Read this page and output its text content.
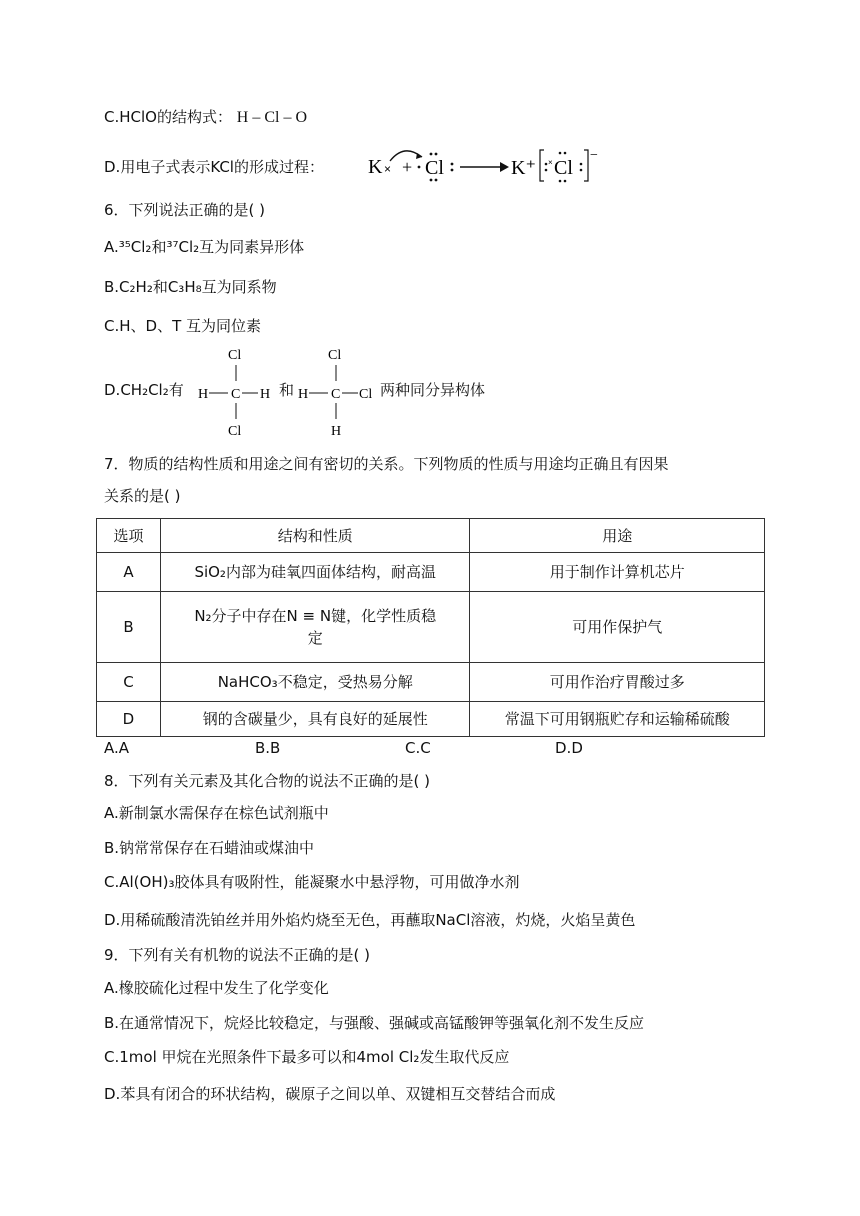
C.HClO的结构式： H – Cl – O
D.用电子式表示KCl的形成过程： K × + Cl	K⁺ × Cl
−
6．下列说法正确的是( )
A.³⁵Cl₂和³⁷Cl₂互为同素异形体
B.C₂H₂和C₃H₈互为同系物
C.H、D、T 互为同位素
D.CH₂Cl₂有	和	两种同分异构体
Cl
H C H
Cl
Cl
H C Cl
H
7．物质的结构性质和用途之间有密切的关系。下列物质的性质与用途均正确且有因果
关系的是( )
选项	结构和性质	用途
A	SiO₂内部为硅氧四面体结构，耐高温	用于制作计算机芯片
B	N₂分子中存在N ≡ N键，化学性质稳
定	可用作保护气
C	NaHCO₃不稳定，受热易分解	可用作治疗胃酸过多
D	钢的含碳量少，具有良好的延展性	常温下可用钢瓶贮存和运输稀硫酸
A.A	B.B	C.C	D.D
8．下列有关元素及其化合物的说法不正确的是( )
A.新制氯水需保存在棕色试剂瓶中
B.钠常常保存在石蜡油或煤油中
C.Al(OH)₃胶体具有吸附性，能凝聚水中悬浮物，可用做净水剂
D.用稀硫酸清洗铂丝并用外焰灼烧至无色，再蘸取NaCl溶液，灼烧，火焰呈黄色
9．下列有关有机物的说法不正确的是( )
A.橡胶硫化过程中发生了化学变化
B.在通常情况下，烷烃比较稳定，与强酸、强碱或高锰酸钾等强氧化剂不发生反应
C.1mol 甲烷在光照条件下最多可以和4mol Cl₂发生取代反应
D.苯具有闭合的环状结构，碳原子之间以单、双键相互交替结合而成
